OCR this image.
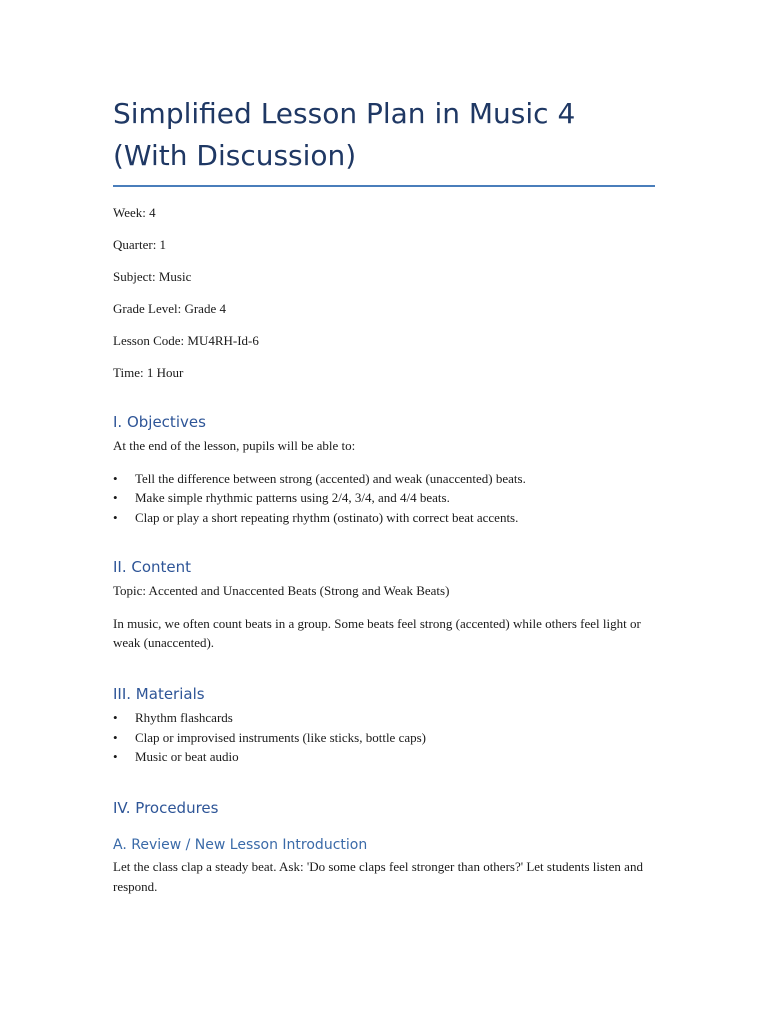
Simplified Lesson Plan in Music 4 (With Discussion)

Week: 4

Quarter: 1

Subject: Music

Grade Level: Grade 4

Lesson Code: MU4RH-Id-6

Time: 1 Hour

I. Objectives

At the end of the lesson, pupils will be able to:

• Tell the difference between strong (accented) and weak (unaccented) beats.
• Make simple rhythmic patterns using 2/4, 3/4, and 4/4 beats.
• Clap or play a short repeating rhythm (ostinato) with correct beat accents.
II. Content

Topic: Accented and Unaccented Beats (Strong and Weak Beats)

In music, we often count beats in a group. Some beats feel strong (accented) while others feel light or weak (unaccented).

III. Materials
• Rhythm flashcards
• Clap or improvised instruments (like sticks, bottle caps)
• Music or beat audio
IV. Procedures
A. Review / New Lesson Introduction

Let the class clap a steady beat. Ask: 'Do some claps feel stronger than others?' Let students listen and respond.
